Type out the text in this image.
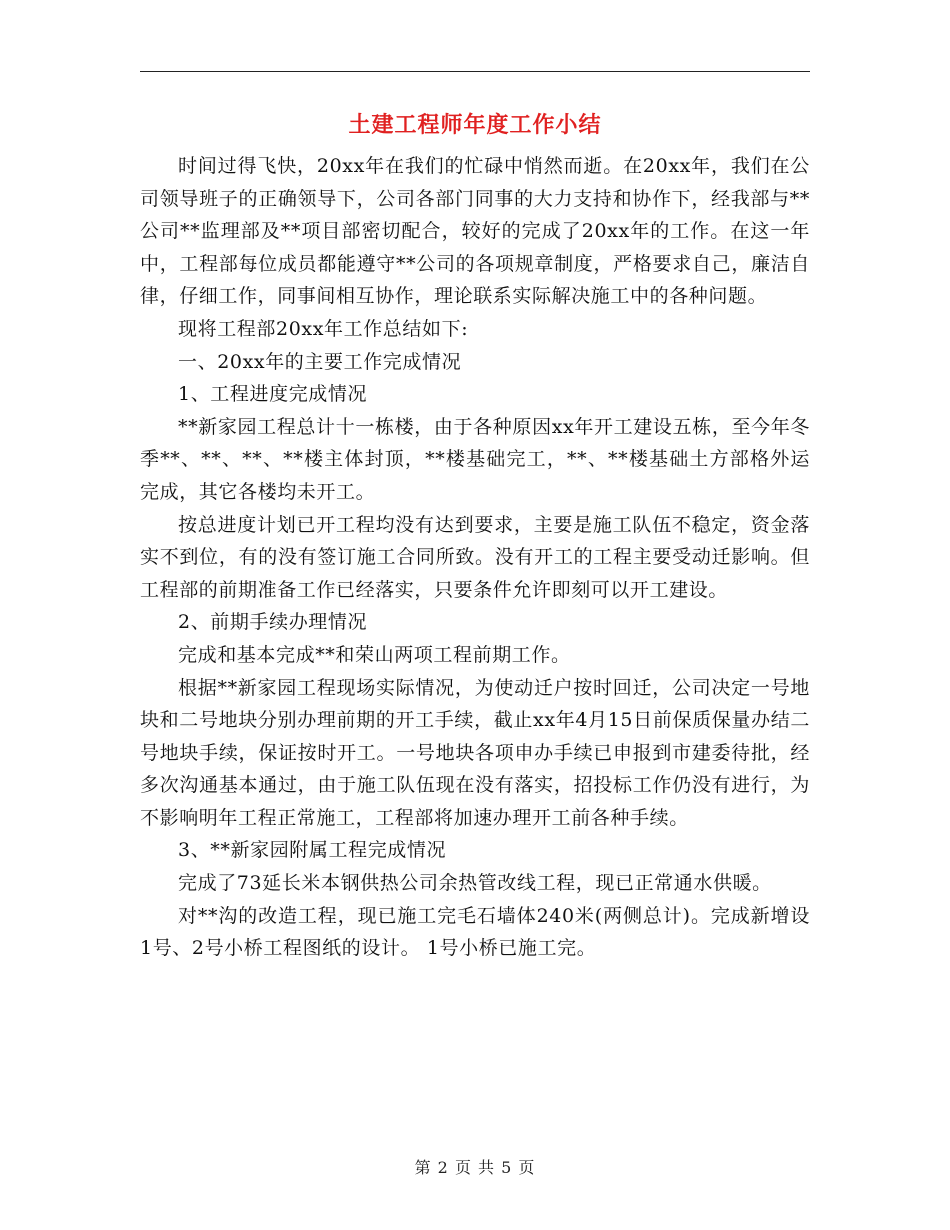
土建工程师年度工作小结

时间过得飞快，20xx年在我们的忙碌中悄然而逝。在20xx年，我们在公司领导班子的正确领导下，公司各部门同事的大力支持和协作下，经我部与**公司**监理部及**项目部密切配合，较好的完成了20xx年的工作。在这一年中，工程部每位成员都能遵守**公司的各项规章制度，严格要求自己，廉洁自律，仔细工作，同事间相互协作，理论联系实际解决施工中的各种问题。

现将工程部20xx年工作总结如下:

一、20xx年的主要工作完成情况

1、工程进度完成情况

**新家园工程总计十一栋楼，由于各种原因xx年开工建设五栋，至今年冬季**、**、**、**楼主体封顶，**楼基础完工，**、**楼基础土方部格外运完成，其它各楼均未开工。

按总进度计划已开工程均没有达到要求，主要是施工队伍不稳定，资金落实不到位，有的没有签订施工合同所致。没有开工的工程主要受动迁影响。但工程部的前期准备工作已经落实，只要条件允许即刻可以开工建设。

2、前期手续办理情况

完成和基本完成**和荣山两项工程前期工作。

根据**新家园工程现场实际情况，为使动迁户按时回迁，公司决定一号地块和二号地块分别办理前期的开工手续，截止xx年4月15日前保质保量办结二号地块手续，保证按时开工。一号地块各项申办手续已申报到市建委待批，经多次沟通基本通过，由于施工队伍现在没有落实，招投标工作仍没有进行，为不影响明年工程正常施工，工程部将加速办理开工前各种手续。

3、**新家园附属工程完成情况

完成了73延长米本钢供热公司余热管改线工程，现已正常通水供暖。

对**沟的改造工程，现已施工完毛石墙体240米(两侧总计)。完成新增设1号、2号小桥工程图纸的设计。 1号小桥已施工完。

第 2 页 共 5 页
